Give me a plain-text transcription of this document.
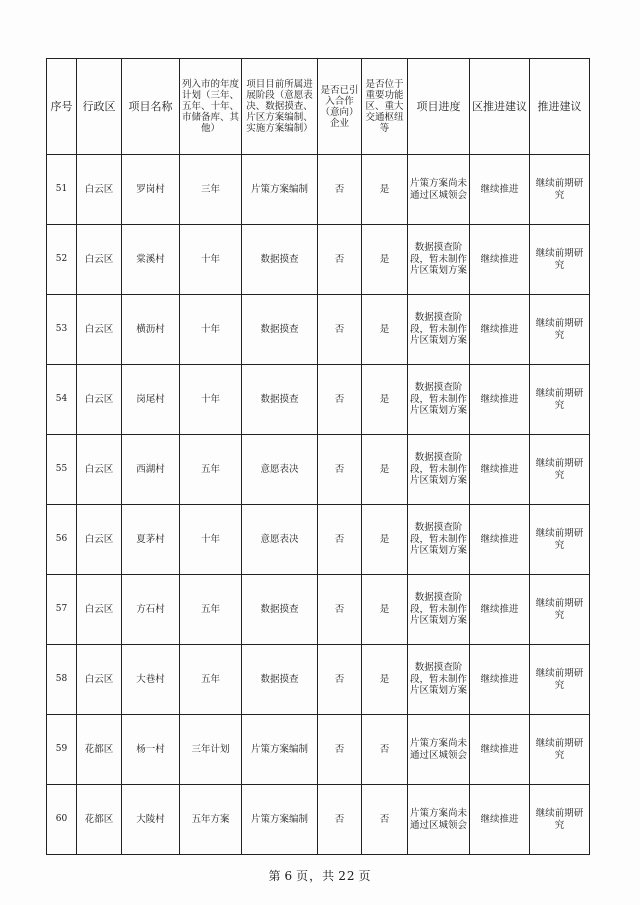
序号	行政区	项目名称	列入市的年度计划（三年、五年、十年、市储备库、其他）	项目目前所属进展阶段（意愿表决、数据摸查、片区方案编制、实施方案编制）	是否已引入合作（意向）企业	是否位于重要功能区、重大交通枢纽等	项目进度	区推进建议	推进建议
51	白云区	罗岗村	三年	片策方案编制	否	是	片策方案尚未通过区城领会	继续推进	继续前期研究
52	白云区	棠溪村	十年	数据摸查	否	是	数据摸查阶段，暂未制作片区策划方案	继续推进	继续前期研究
53	白云区	横沥村	十年	数据摸查	否	是	数据摸查阶段，暂未制作片区策划方案	继续推进	继续前期研究
54	白云区	岗尾村	十年	数据摸查	否	是	数据摸查阶段，暂未制作片区策划方案	继续推进	继续前期研究
55	白云区	西湖村	五年	意愿表决	否	是	数据摸查阶段，暂未制作片区策划方案	继续推进	继续前期研究
56	白云区	夏茅村	十年	意愿表决	否	是	数据摸查阶段，暂未制作片区策划方案	继续推进	继续前期研究
57	白云区	方石村	五年	数据摸查	否	是	数据摸查阶段，暂未制作片区策划方案	继续推进	继续前期研究
58	白云区	大巷村	五年	数据摸查	否	是	数据摸查阶段，暂未制作片区策划方案	继续推进	继续前期研究
59	花都区	杨一村	三年计划	片策方案编制	否	否	片策方案尚未通过区城领会	继续推进	继续前期研究
60	花都区	大陵村	五年方案	片策方案编制	否	否	片策方案尚未通过区城领会	继续推进	继续前期研究
第 6 页，共 22 页
